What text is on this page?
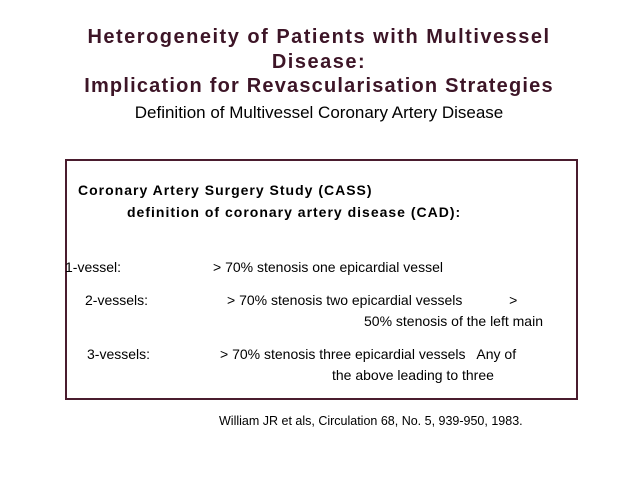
Heterogeneity of Patients with Multivessel
Disease:
Implication for Revascularisation Strategies
Definition of Multivessel Coronary Artery Disease
Coronary Artery Surgery Study (CASS)
definition of coronary artery disease (CAD):
1-vessel:	> 70% stenosis one epicardial vessel
2-vessels:	> 70% stenosis two epicardial vessels            >
50% stenosis of the left main
3-vessels:	> 70% stenosis three epicardial vessels   Any of
the above leading to three
William JR et als, Circulation 68, No. 5, 939-950, 1983.
